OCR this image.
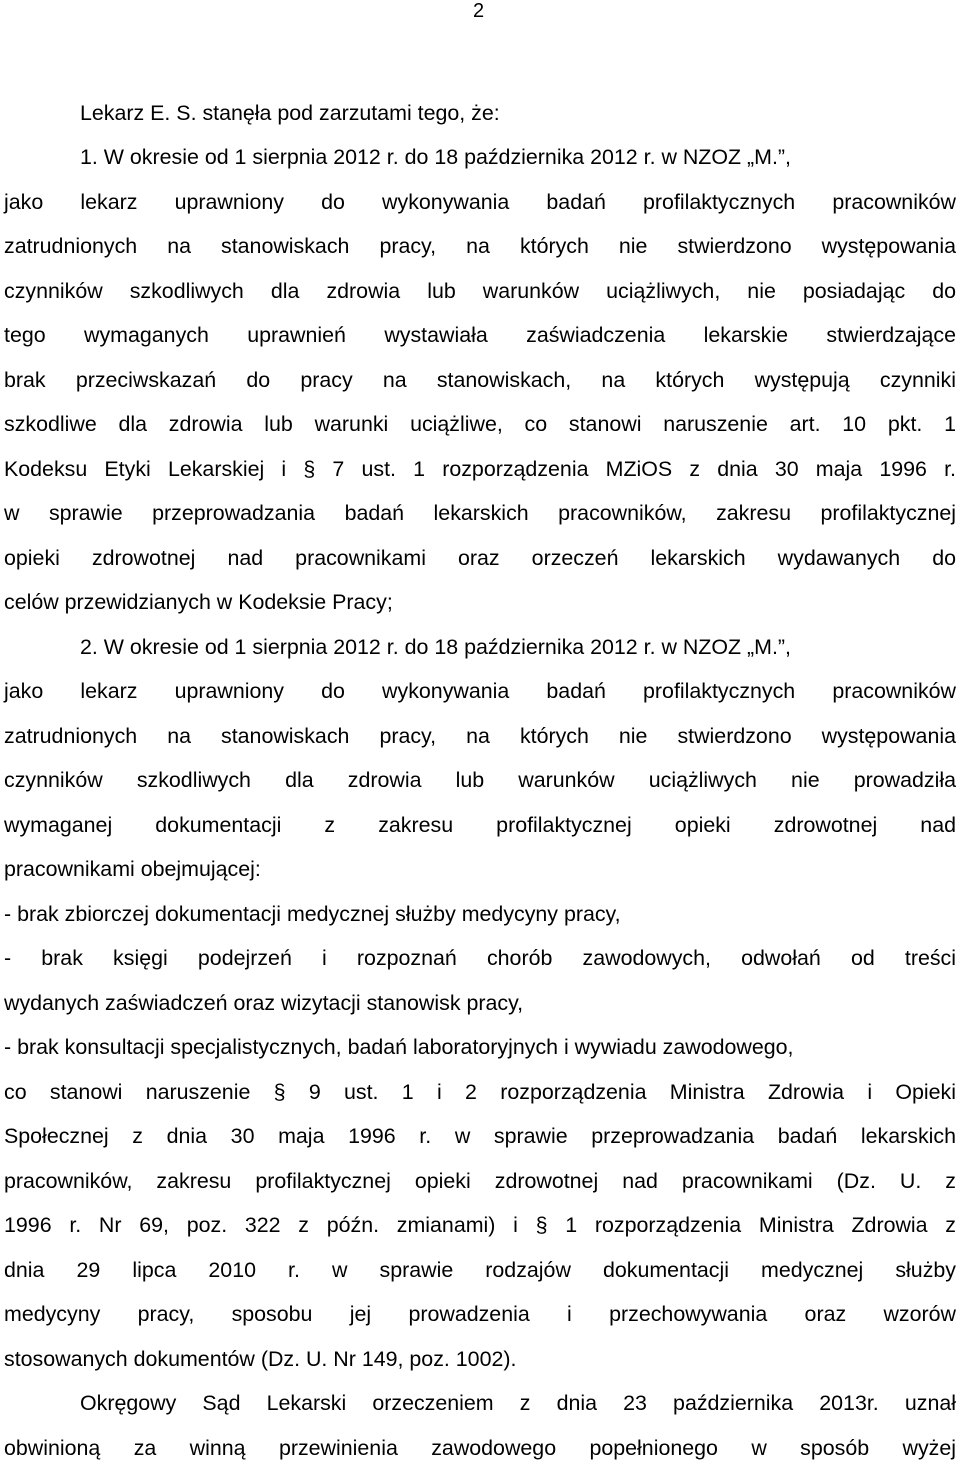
2
Lekarz E. S. stanęła pod zarzutami tego, że:
1. W okresie od 1 sierpnia 2012 r. do 18 października 2012 r. w NZOZ „M.”,
jako lekarz uprawniony do wykonywania badań profilaktycznych pracowników
zatrudnionych na stanowiskach pracy, na których nie stwierdzono występowania
czynników szkodliwych dla zdrowia lub warunków uciążliwych, nie posiadając do
tego wymaganych uprawnień wystawiała zaświadczenia lekarskie stwierdzające
brak przeciwskazań do pracy na stanowiskach, na których występują czynniki
szkodliwe dla zdrowia lub warunki uciążliwe, co stanowi naruszenie art. 10 pkt. 1
Kodeksu Etyki Lekarskiej i § 7 ust. 1 rozporządzenia MZiOS z dnia 30 maja 1996 r.
w sprawie przeprowadzania badań lekarskich pracowników, zakresu profilaktycznej
opieki zdrowotnej nad pracownikami oraz orzeczeń lekarskich wydawanych do
celów przewidzianych w Kodeksie Pracy;
2. W okresie od 1 sierpnia 2012 r. do 18 października 2012 r. w NZOZ „M.”,
jako lekarz uprawniony do wykonywania badań profilaktycznych pracowników
zatrudnionych na stanowiskach pracy, na których nie stwierdzono występowania
czynników szkodliwych dla zdrowia lub warunków uciążliwych nie prowadziła
wymaganej dokumentacji z zakresu profilaktycznej opieki zdrowotnej nad
pracownikami obejmującej:
- brak zbiorczej dokumentacji medycznej służby medycyny pracy,
- brak księgi podejrzeń i rozpoznań chorób zawodowych, odwołań od treści
wydanych zaświadczeń oraz wizytacji stanowisk pracy,
- brak konsultacji specjalistycznych, badań laboratoryjnych i wywiadu zawodowego,
co stanowi naruszenie § 9 ust. 1 i 2 rozporządzenia Ministra Zdrowia i Opieki
Społecznej z dnia 30 maja 1996 r. w sprawie przeprowadzania badań lekarskich
pracowników, zakresu profilaktycznej opieki zdrowotnej nad pracownikami (Dz. U. z
1996 r. Nr 69, poz. 322 z późn. zmianami) i § 1 rozporządzenia Ministra Zdrowia z
dnia 29 lipca 2010 r. w sprawie rodzajów dokumentacji medycznej służby
medycyny pracy, sposobu jej prowadzenia i przechowywania oraz wzorów
stosowanych dokumentów (Dz. U. Nr 149, poz. 1002).
Okręgowy Sąd Lekarski orzeczeniem z dnia 23 października 2013r. uznał
obwinioną za winną przewinienia zawodowego popełnionego w sposób wyżej
